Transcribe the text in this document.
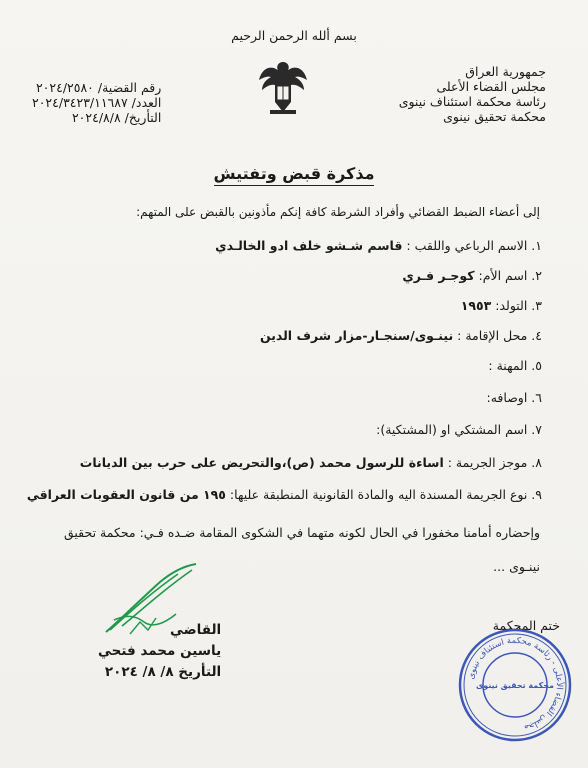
بسم ألله الرحمن الرحيم
جمهورية العراق
مجلس القضاء الأعلى
رئاسة محكمة استئناف نينوى
محكمة تحقيق نينوى
رقم القضية/ ٢٠٢٤/٢٥٨٠
العدد/ ٢٠٢٤/٣٤٢٣/١١٦٨٧
التأريخ/ ٢٠٢٤/٨/٨
مذكرة قبض وتفتيش
إلى أعضاء الضبط القضائي وأفراد الشرطة كافة إنكم مأذونين بالقبض على المتهم:
١. الاسم الرباعي واللقب : قاسم شـشو خلف ادو الخالـدي
٢. اسم الأم: كوجـر فـري
٣. التولد: ١٩٥٣
٤. محل الإقامة : نينـوى/سنجـار-مزار شرف الدين
٥. المهنة :
٦. اوصافه:
٧. اسم المشتكي او (المشتكية):
٨. موجز الجريمة : اساءة للرسول محمد (ص)،والتحريض على حرب بين الديانات
٩. نوع الجريمة المسندة اليه والمادة القانونية المنطبقة عليها: ١٩٥ من قانون العقوبات العراقي
وإحضاره أمامنا مخفورا في الحال لكونه متهما في الشكوى المقامة ضـده فـي: محكمة تحقيق
نينـوى ...
القاضي
ياسين محمد فتحي
التأريخ ٨/ ٨/ ٢٠٢٤
ختم المحكمة
مجلس القضاء الأعلى - رئاسة محكمة استئناف نينوى
محكمة تحقيق نينوى
